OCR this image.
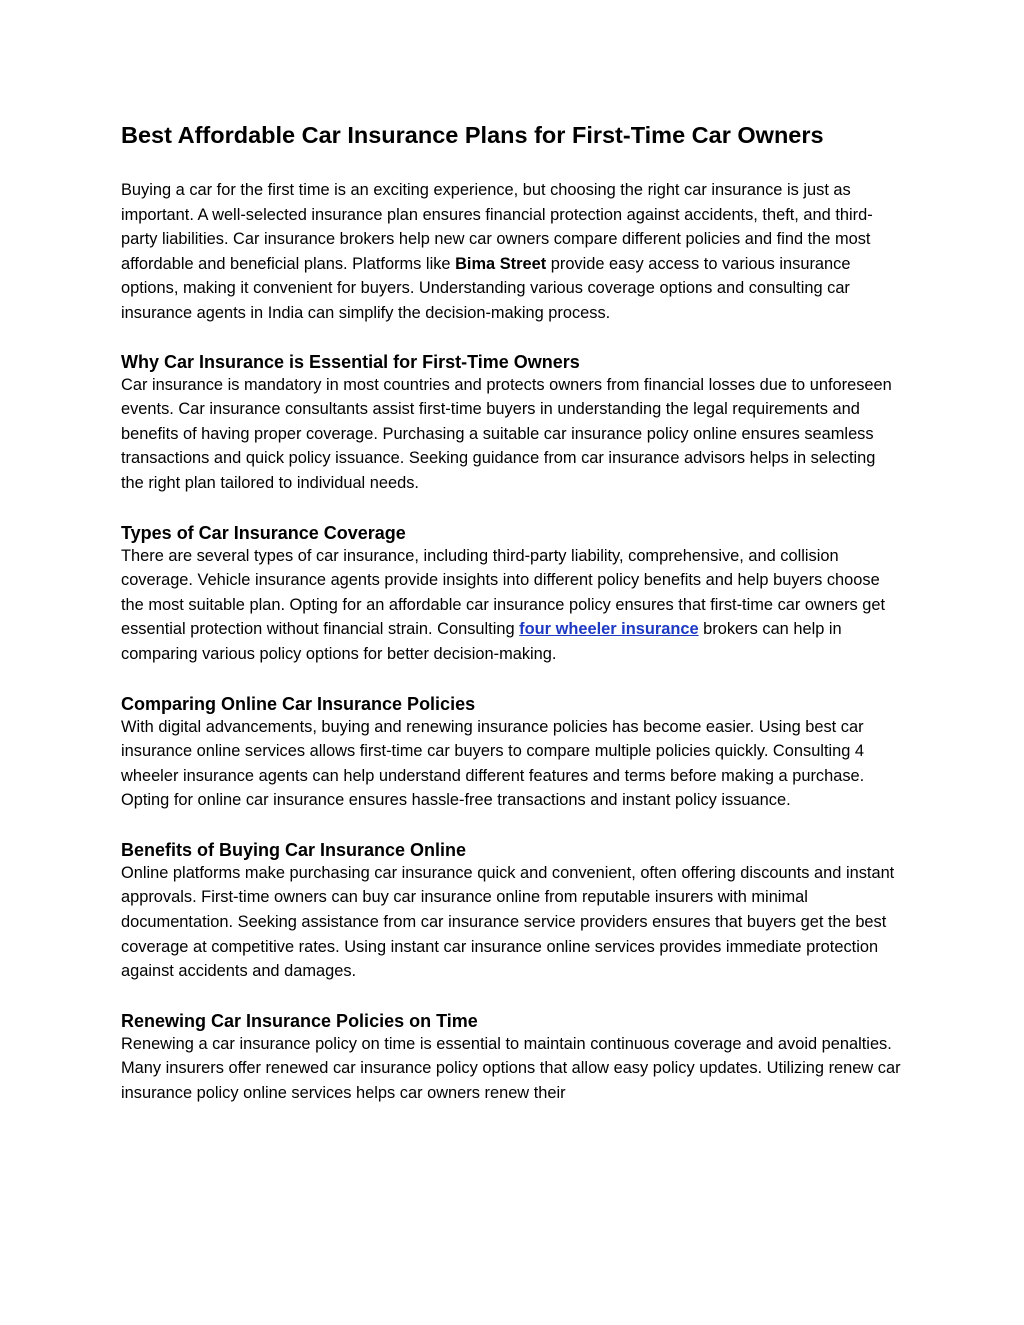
Best Affordable Car Insurance Plans for First-Time Car Owners

Buying a car for the first time is an exciting experience, but choosing the right car insurance is just as important. A well-selected insurance plan ensures financial protection against accidents, theft, and third-party liabilities. Car insurance brokers help new car owners compare different policies and find the most affordable and beneficial plans. Platforms like Bima Street provide easy access to various insurance options, making it convenient for buyers. Understanding various coverage options and consulting car insurance agents in India can simplify the decision-making process.

Why Car Insurance is Essential for First-Time Owners

Car insurance is mandatory in most countries and protects owners from financial losses due to unforeseen events. Car insurance consultants assist first-time buyers in understanding the legal requirements and benefits of having proper coverage. Purchasing a suitable car insurance policy online ensures seamless transactions and quick policy issuance. Seeking guidance from car insurance advisors helps in selecting the right plan tailored to individual needs.

Types of Car Insurance Coverage

There are several types of car insurance, including third-party liability, comprehensive, and collision coverage. Vehicle insurance agents provide insights into different policy benefits and help buyers choose the most suitable plan. Opting for an affordable car insurance policy ensures that first-time car owners get essential protection without financial strain. Consulting four wheeler insurance brokers can help in comparing various policy options for better decision-making.

Comparing Online Car Insurance Policies

With digital advancements, buying and renewing insurance policies has become easier. Using best car insurance online services allows first-time car buyers to compare multiple policies quickly. Consulting 4 wheeler insurance agents can help understand different features and terms before making a purchase. Opting for online car insurance ensures hassle-free transactions and instant policy issuance.

Benefits of Buying Car Insurance Online

Online platforms make purchasing car insurance quick and convenient, often offering discounts and instant approvals. First-time owners can buy car insurance online from reputable insurers with minimal documentation. Seeking assistance from car insurance service providers ensures that buyers get the best coverage at competitive rates. Using instant car insurance online services provides immediate protection against accidents and damages.

Renewing Car Insurance Policies on Time

Renewing a car insurance policy on time is essential to maintain continuous coverage and avoid penalties. Many insurers offer renewed car insurance policy options that allow easy policy updates. Utilizing renew car insurance policy online services helps car owners renew their
